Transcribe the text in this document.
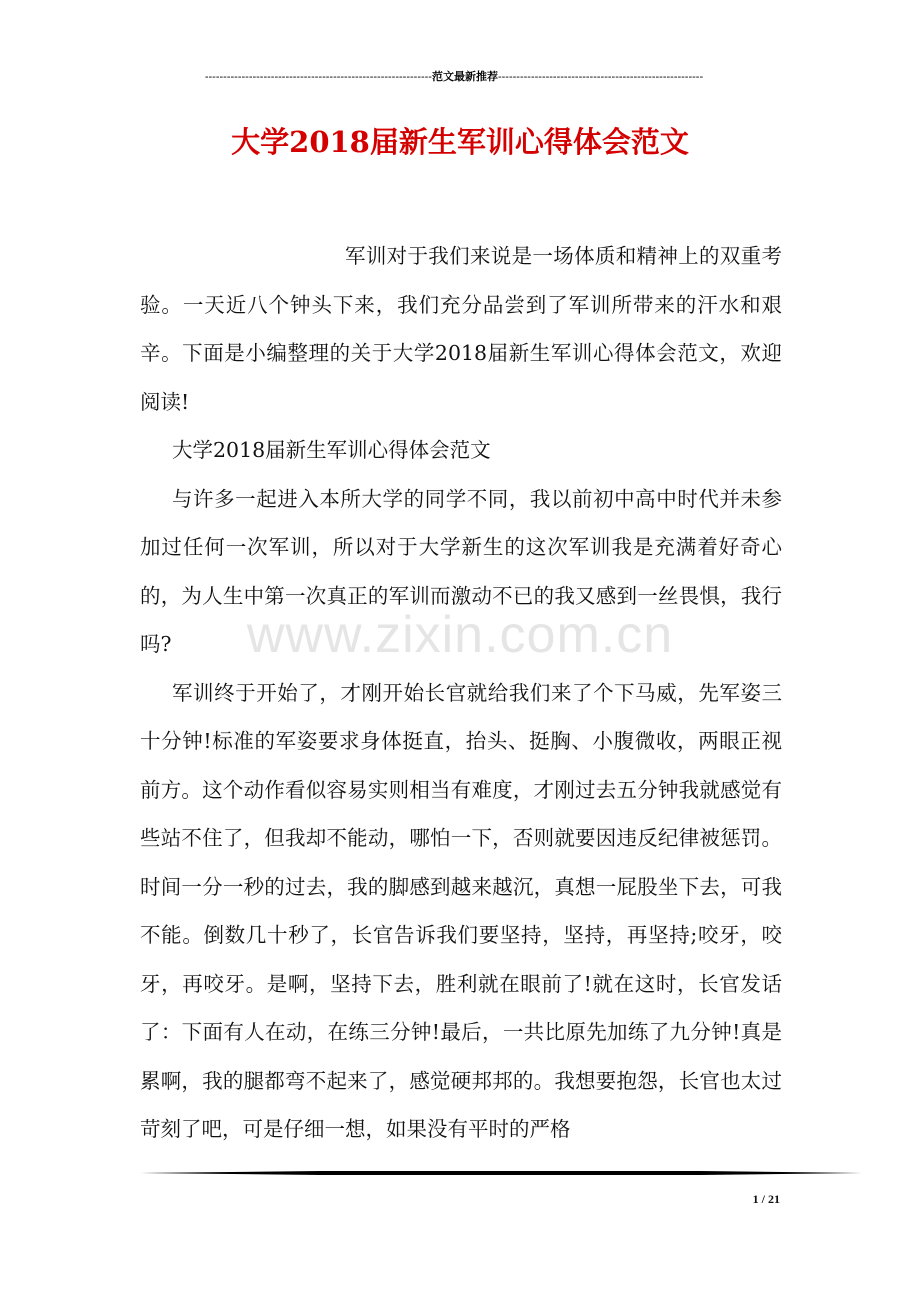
--------------------------------------------------------------范文最新推荐--------------------------------------------------------
大学2018届新生军训心得体会范文

军训对于我们来说是一场体质和精神上的双重考验。一天近八个钟头下来，我们充分品尝到了军训所带来的汗水和艰辛。下面是小编整理的关于大学2018届新生军训心得体会范文，欢迎阅读!

大学2018届新生军训心得体会范文

与许多一起进入本所大学的同学不同，我以前初中高中时代并未参加过任何一次军训，所以对于大学新生的这次军训我是充满着好奇心的，为人生中第一次真正的军训而激动不已的我又感到一丝畏惧，我行吗?

军训终于开始了，才刚开始长官就给我们来了个下马威，先军姿三十分钟!标准的军姿要求身体挺直，抬头、挺胸、小腹微收，两眼正视前方。这个动作看似容易实则相当有难度，才刚过去五分钟我就感觉有些站不住了，但我却不能动，哪怕一下，否则就要因违反纪律被惩罚。时间一分一秒的过去，我的脚感到越来越沉，真想一屁股坐下去，可我不能。倒数几十秒了，长官告诉我们要坚持，坚持，再坚持;咬牙，咬牙，再咬牙。是啊，坚持下去，胜利就在眼前了!就在这时，长官发话了：下面有人在动，在练三分钟!最后，一共比原先加练了九分钟!真是累啊，我的腿都弯不起来了，感觉硬邦邦的。我想要抱怨，长官也太过苛刻了吧，可是仔细一想，如果没有平时的严格

www.zixin.com.cn
1 / 21
